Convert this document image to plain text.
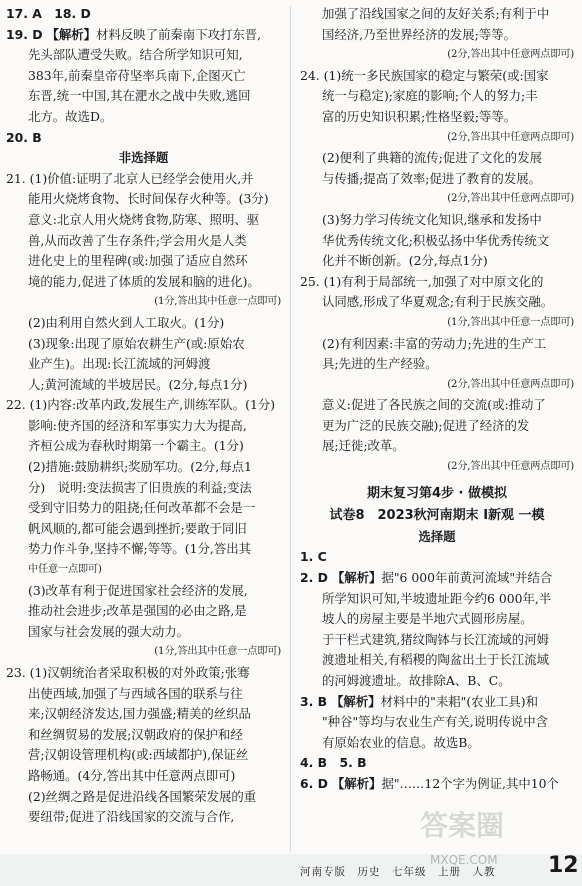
17. A　18. D

19. D 【解析】材料反映了前秦南下攻打东晋,

先头部队遭受失败。结合所学知识可知,

383年,前秦皇帝苻坚率兵南下,企图灭亡

东晋,统一中国,其在淝水之战中失败,逃回

北方。故选D。

20. B

非选择题

21. (1)价值:证明了北京人已经学会使用火,并

能用火烧烤食物、长时间保存火种等。(3分)

意义:北京人用火烧烤食物,防寒、照明、驱

兽,从而改善了生存条件;学会用火是人类

进化史上的里程碑(或:加强了适应自然环

境的能力,促进了体质的发展和脑的进化)。

(1分,答出其中任意一点即可)

(2)由利用自然火到人工取火。(1分)

(3)现象:出现了原始农耕生产(或:原始农

业产生)。出现:长江流域的河姆渡

人;黄河流域的半坡居民。(2分,每点1分)

22. (1)内容:改革内政,发展生产,训练军队。(1分)

影响:使齐国的经济和军事实力大为提高,

齐桓公成为春秋时期第一个霸主。(1分)

(2)措施:鼓励耕织;奖励军功。(2分,每点1

分)　说明:变法损害了旧贵族的利益;变法

受到守旧势力的阻挠;任何改革都不会是一

帆风顺的,都可能会遇到挫折;要敢于同旧

势力作斗争,坚持不懈;等等。(1分,答出其

中任意一点即可)

(3)改革有利于促进国家社会经济的发展,

推动社会进步;改革是强国的必由之路,是

国家与社会发展的强大动力。

(1分,答出其中任意一点即可)

23. (1)汉朝统治者采取积极的对外政策;张骞

出使西域,加强了与西域各国的联系与往

来;汉朝经济发达,国力强盛;精美的丝织品

和丝绸贸易的发展;汉朝政府的保护和经

营;汉朝设管理机构(或:西域都护),保证丝

路畅通。(4分,答出其中任意两点即可)

(2)丝绸之路是促进沿线各国繁荣发展的重

要纽带;促进了沿线国家的交流与合作,

加强了沿线国家之间的友好关系;有利于中

国经济,乃至世界经济的发展;等等。

(2分,答出其中任意两点即可)

24. (1)统一多民族国家的稳定与繁荣(或:国家

统一与稳定);家庭的影响;个人的努力;丰

富的历史知识积累;性格坚毅;等等。

(2分,答出其中任意两点即可)

(2)便利了典籍的流传;促进了文化的发展

与传播;提高了效率;促进了教育的发展。

(2分,答出其中任意两点即可)

(3)努力学习传统文化知识,继承和发扬中

华优秀传统文化;积极弘扬中华优秀传统文

化并不断创新。(2分,每点1分)

25. (1)有利于局部统一,加强了对中原文化的

认同感,形成了华夏观念;有利于民族交融。

(1分,答出其中任意一点即可)

(2)有利因素:丰富的劳动力;先进的生产工

具;先进的生产经验。

(2分,答出其中任意两点即可)

意义:促进了各民族之间的交流(或:推动了

更为广泛的民族交融);促进了经济的发

展;迁徙;改革。

(2分,答出其中任意两点即可)

期末复习第4步 · 做模拟

试卷8　2023秋河南期末 I新观 一模

选择题

1. C

2. D 【解析】据"6 000年前黄河流域"并结合

所学知识可知,半坡遗址距今约6 000年,半

坡人的房屋主要是半地穴式圆形房屋。

于干栏式建筑,猪纹陶钵与长江流域的河姆

渡遗址相关,有稻稷的陶盆出土于长江流域

的河姆渡遗址。故排除A、B、C。

3. B 【解析】材料中的"耒耜"(农业工具)和

"种谷"等均与农业生产有关,说明传说中含

有原始农业的信息。故选B。

4. B　5. B

6. D 【解析】据"……12个字为例证,其中10个

答案圈
河南专版　历史　七年级　上册　人教 12
MXQE.COM
